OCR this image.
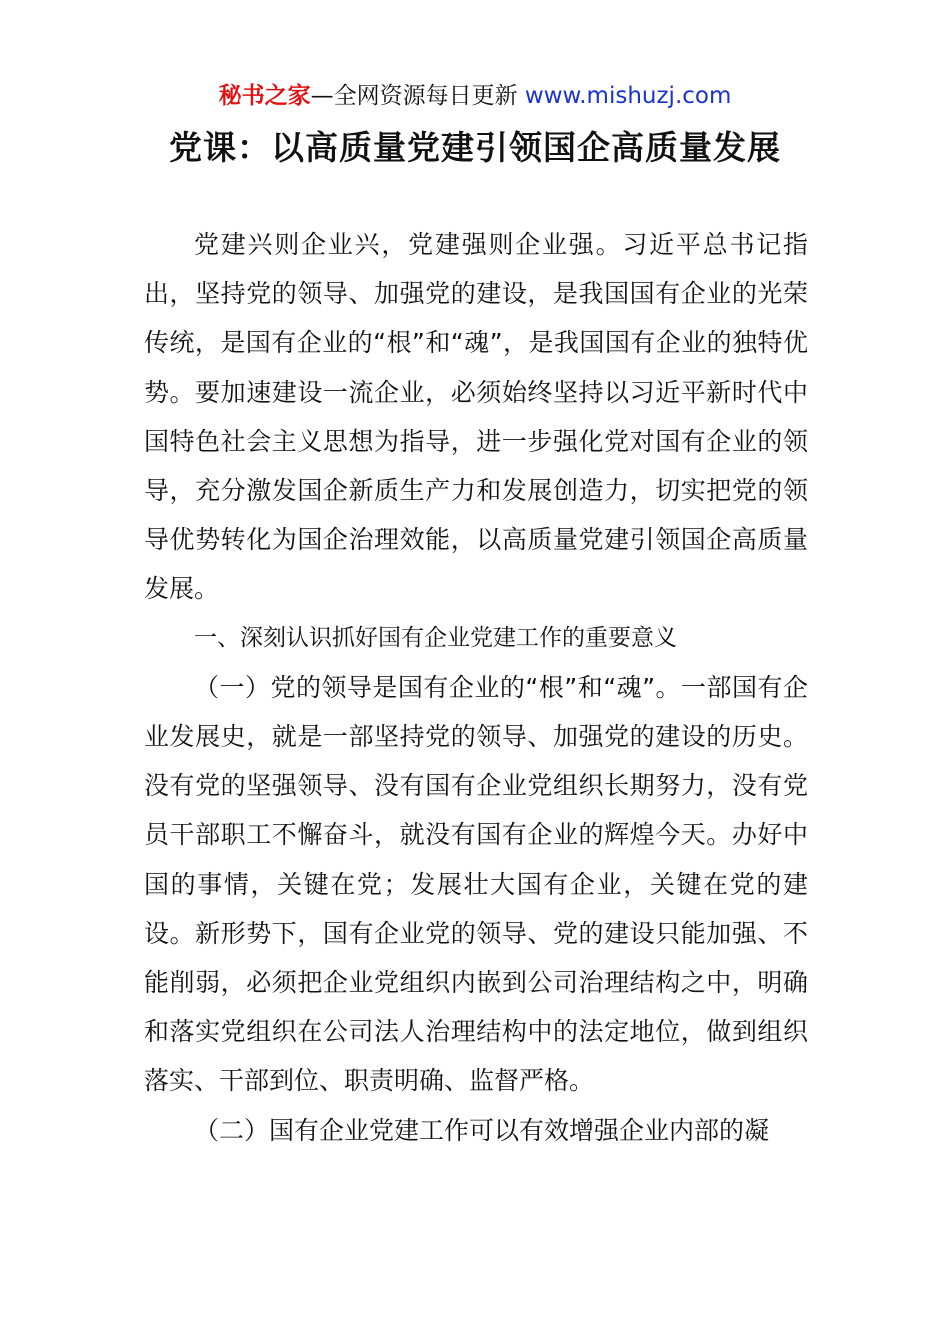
秘书之家—全网资源每日更新 www.mishuzj.com
党课：以高质量党建引领国企高质量发展

党建兴则企业兴，党建强则企业强。习近平总书记指出，坚持党的领导、加强党的建设，是我国国有企业的光荣传统，是国有企业的“根”和“魂”，是我国国有企业的独特优势。要加速建设一流企业，必须始终坚持以习近平新时代中国特色社会主义思想为指导，进一步强化党对国有企业的领导，充分激发国企新质生产力和发展创造力，切实把党的领导优势转化为国企治理效能，以高质量党建引领国企高质量发展。

一、深刻认识抓好国有企业党建工作的重要意义

（一）党的领导是国有企业的“根”和“魂”。一部国有企业发展史，就是一部坚持党的领导、加强党的建设的历史。没有党的坚强领导、没有国有企业党组织长期努力，没有党员干部职工不懈奋斗，就没有国有企业的辉煌今天。办好中国的事情，关键在党；发展壮大国有企业，关键在党的建设。新形势下，国有企业党的领导、党的建设只能加强、不能削弱，必须把企业党组织内嵌到公司治理结构之中，明确和落实党组织在公司法人治理结构中的法定地位，做到组织落实、干部到位、职责明确、监督严格。

（二）国有企业党建工作可以有效增强企业内部的凝
